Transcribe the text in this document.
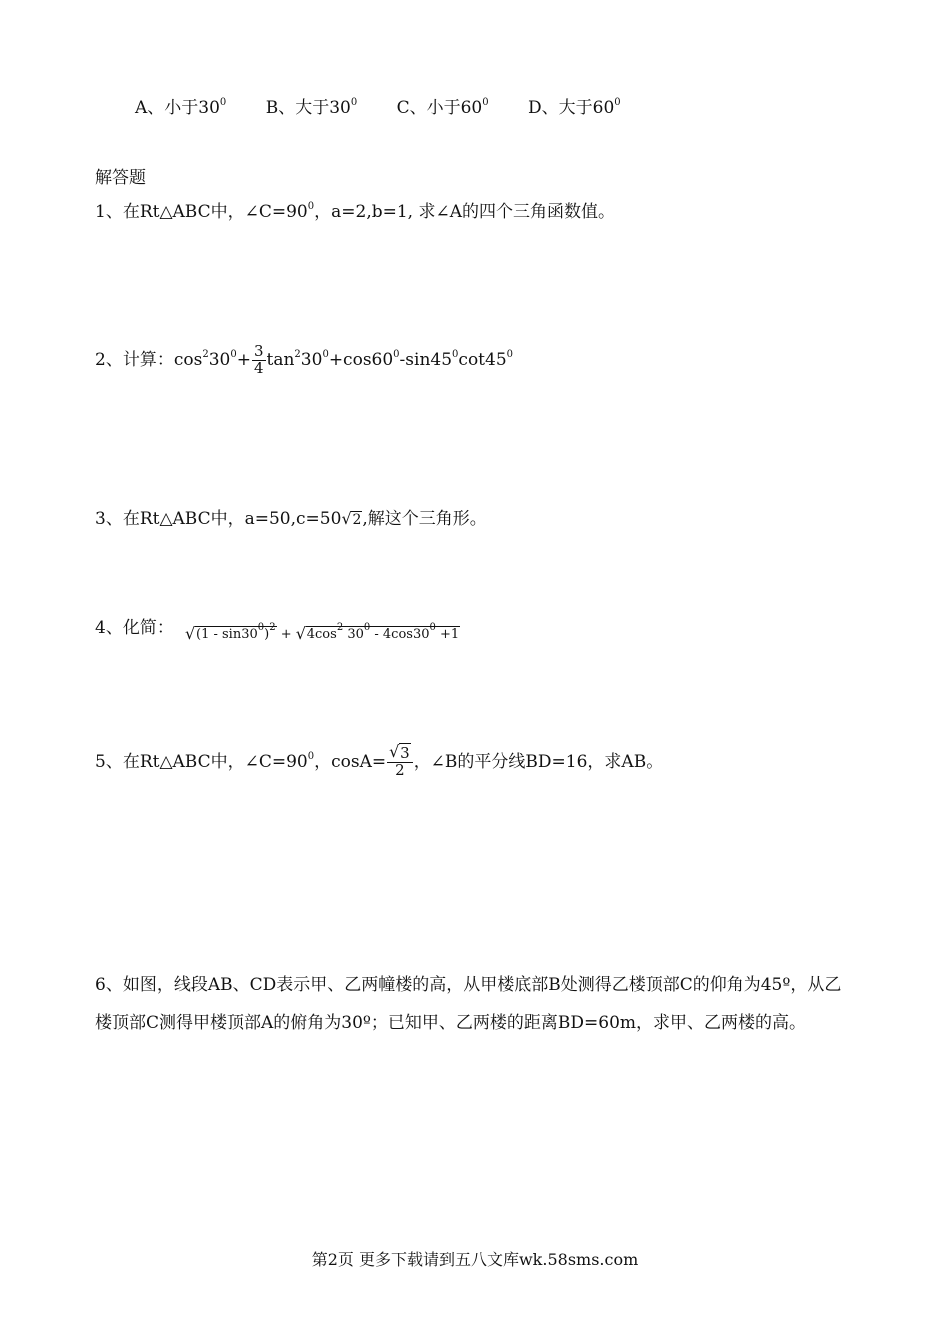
A、小于$30^0$ B、大于$30^0$ C、小于$60^0$ D、大于$60^0$
解答题
1、在Rt△ABC中，$\angle C=90^0$，a=2,b=1, 求∠A的四个三角函数值。
2、计算：$\cos^230^0+ \frac{3}{4} \tan^230^0+\cos 60^0-\sin 45^0\cot 45^0$
3、在Rt△ABC中，a=50,c=50 √ 2,解这个三角形。
4、化简：	√ $(1 - \sin 30^0)^2$ + √ $4\cos^2$ $30^0 - 4\cos 30^0 +1$
5、在Rt△ABC中，$\angle C=90^0$，cosA= √ $\frac{3}{2}$ ，∠B的平分线BD=16，求AB。
6、如图，线段AB、CD表示甲、乙两幢楼的高，从甲楼底部B处测得乙楼顶部C的仰角为45º，从乙楼顶部C测得甲楼顶部A的俯角为30º；已知甲、乙两楼的距离BD=60m，求甲、乙两楼的高。
第2页 更多下载请到五八文库wk.58sms.com
